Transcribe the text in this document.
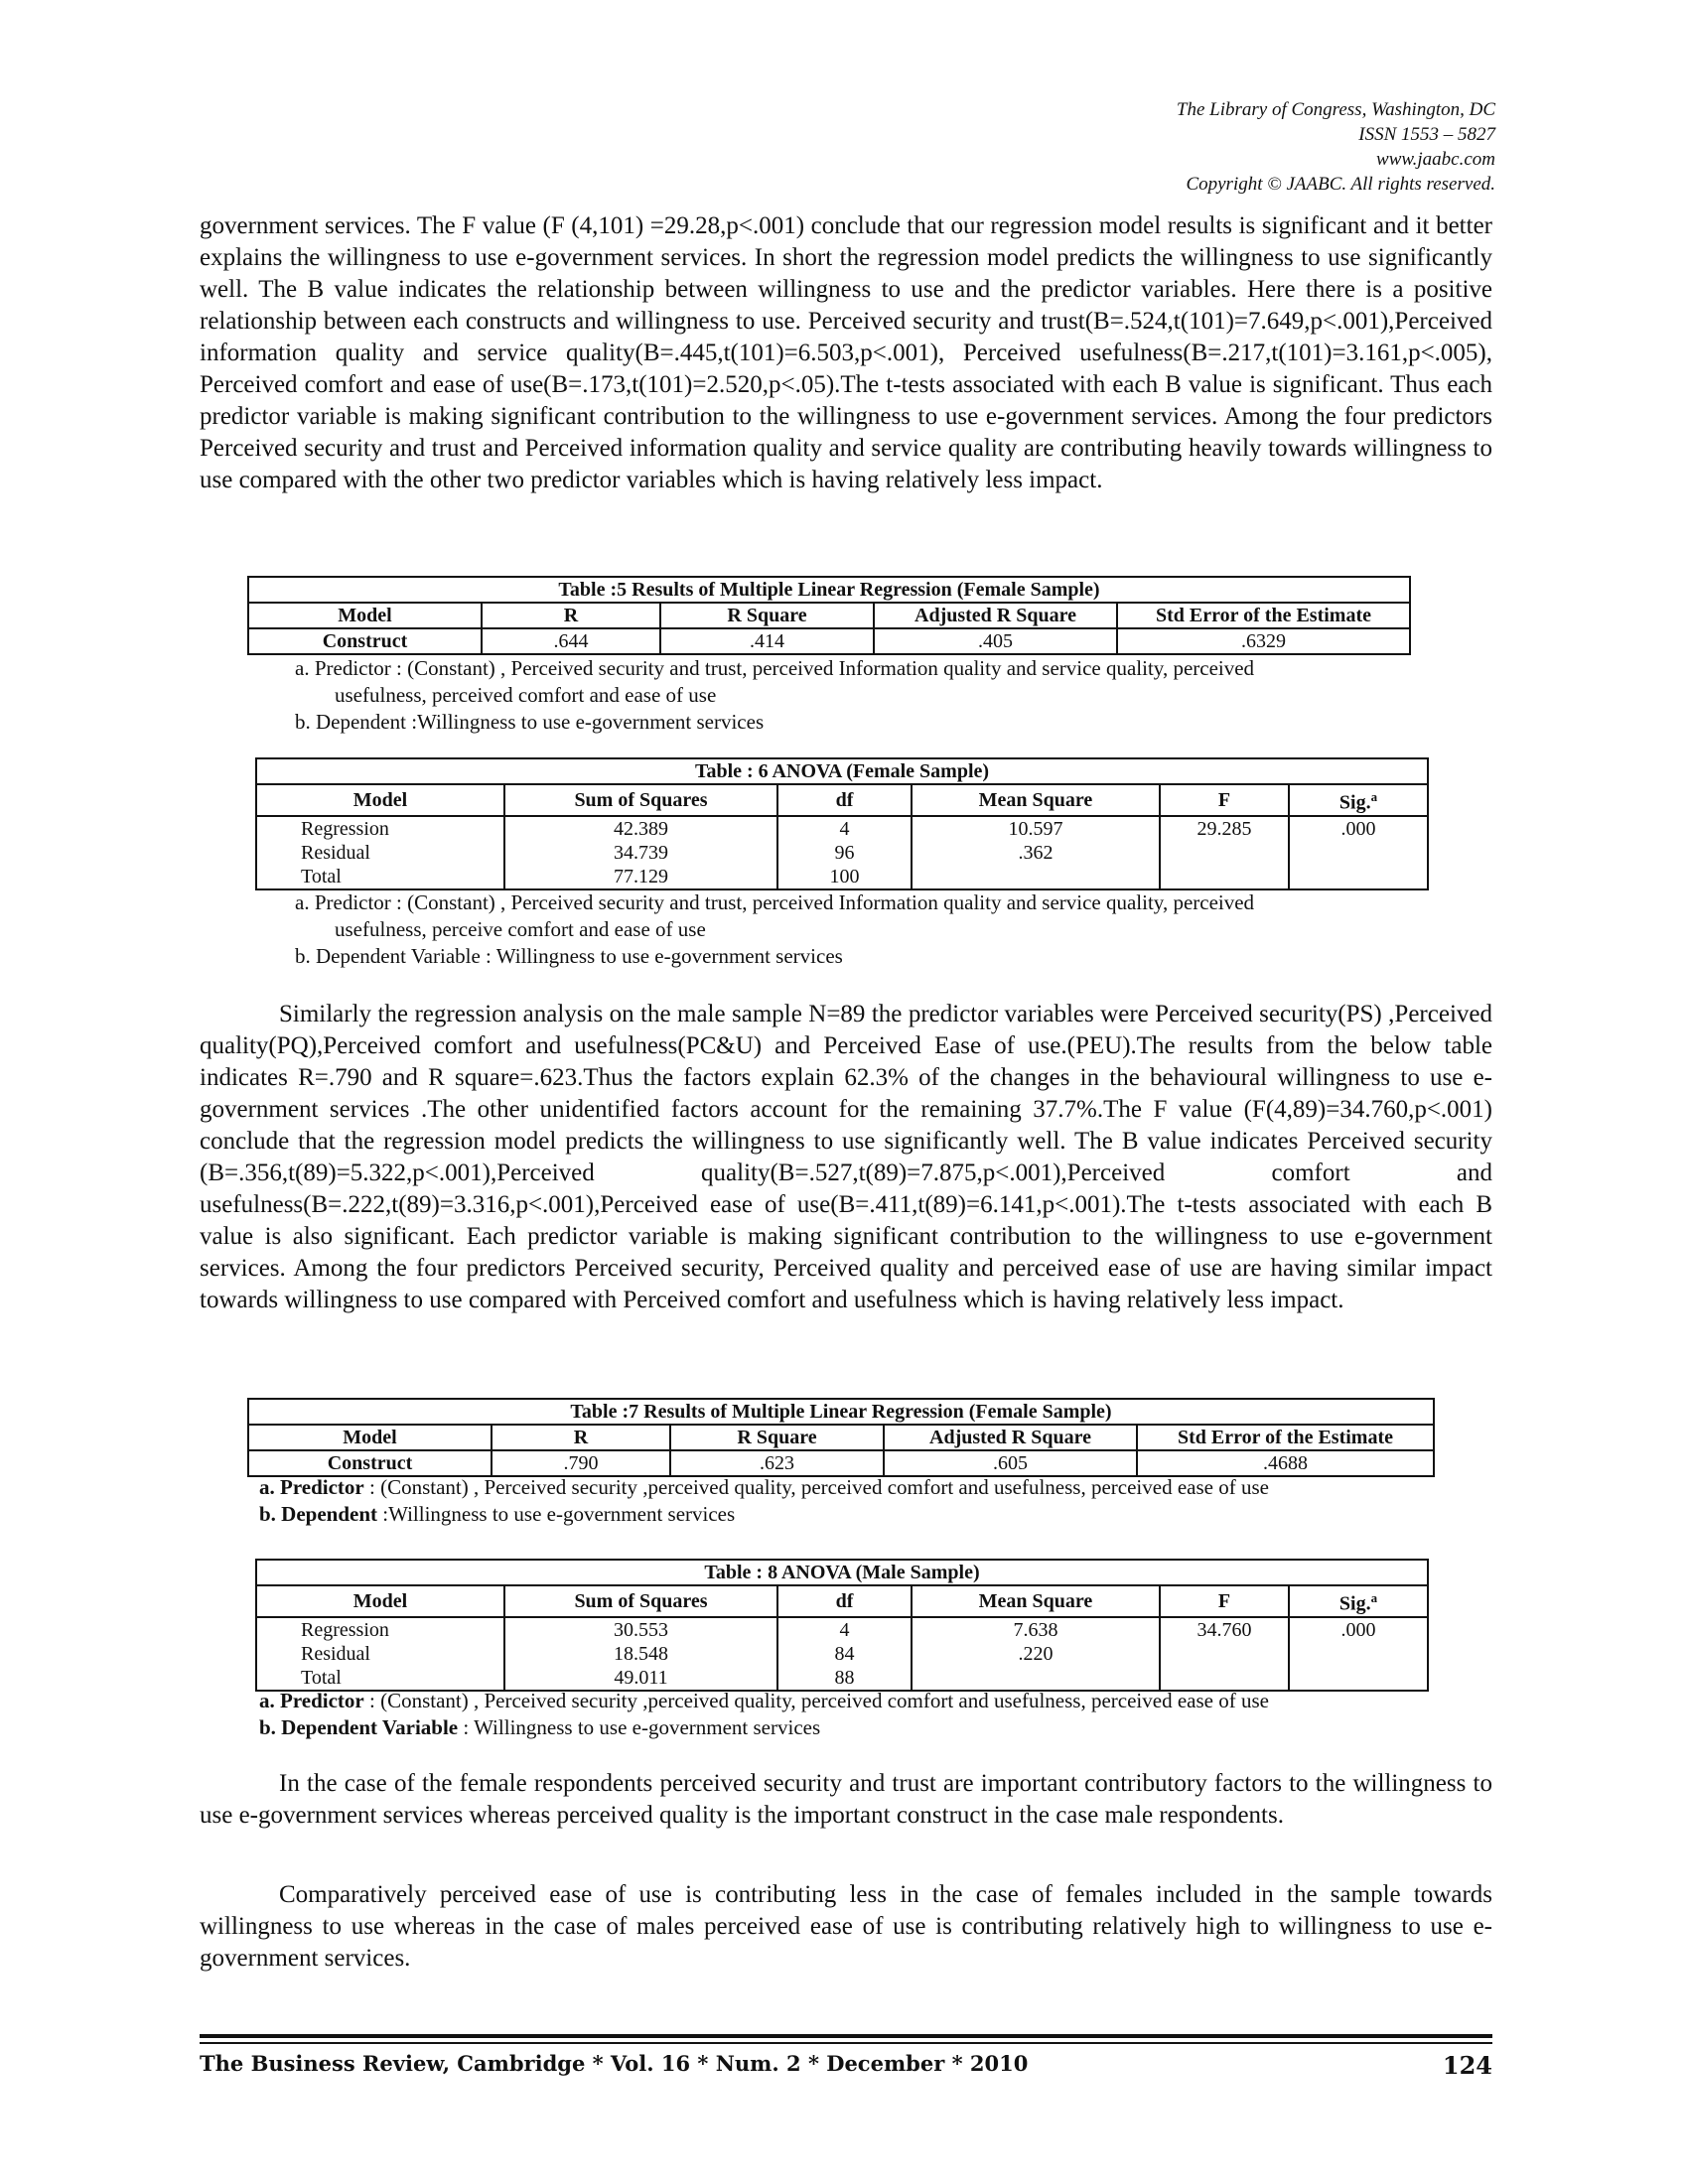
The Library of Congress, Washington, DC
ISSN 1553 – 5827
www.jaabc.com
Copyright © JAABC. All rights reserved.

government services. The F value (F (4,101) =29.28,p<.001) conclude that our regression model results is significant and it better explains the willingness to use e-government services. In short the regression model predicts the willingness to use significantly well. The B value indicates the relationship between willingness to use and the predictor variables. Here there is a positive relationship between each constructs and willingness to use. Perceived security and trust(B=.524,t(101)=7.649,p<.001),Perceived information quality and service quality(B=.445,t(101)=6.503,p<.001), Perceived usefulness(B=.217,t(101)=3.161,p<.005), Perceived comfort and ease of use(B=.173,t(101)=2.520,p<.05).The t-tests associated with each B value is significant. Thus each predictor variable is making significant contribution to the willingness to use e-government services. Among the four predictors Perceived security and trust and Perceived information quality and service quality are contributing heavily towards willingness to use compared with the other two predictor variables which is having relatively less impact.

Table :5 Results of Multiple Linear Regression (Female Sample)				
Model	R	R Square	Adjusted R Square	Std Error of the Estimate
Construct	.644	.414	.405	.6329
a. Predictor : (Constant) , Perceived security and trust, perceived Information quality and service quality, perceived
usefulness, perceived comfort and ease of use
b. Dependent :Willingness to use e-government services
Table : 6 ANOVA (Female Sample)					
Model	Sum of Squares	df	Mean Square	F	Sig.$^a$
Regression	42.389	4	10.597	29.285	.000
Residual	34.739	96	.362		
Total	77.129	100			
a. Predictor : (Constant) , Perceived security and trust, perceived Information quality and service quality, perceived
usefulness, perceive comfort and ease of use
b. Dependent Variable : Willingness to use e-government services

Similarly the regression analysis on the male sample N=89 the predictor variables were Perceived security(PS) ,Perceived quality(PQ),Perceived comfort and usefulness(PC&U) and Perceived Ease of use.(PEU).The results from the below table indicates R=.790 and R square=.623.Thus the factors explain 62.3% of the changes in the behavioural willingness to use e-government services .The other unidentified factors account for the remaining 37.7%.The F value (F(4,89)=34.760,p<.001) conclude that the regression model predicts the willingness to use significantly well. The B value indicates Perceived security (B=.356,t(89)=5.322,p<.001),Perceived quality(B=.527,t(89)=7.875,p<.001),Perceived comfort and usefulness(B=.222,t(89)=3.316,p<.001),Perceived ease of use(B=.411,t(89)=6.141,p<.001).The t-tests associated with each B value is also significant. Each predictor variable is making significant contribution to the willingness to use e-government services. Among the four predictors Perceived security, Perceived quality and perceived ease of use are having similar impact towards willingness to use compared with Perceived comfort and usefulness which is having relatively less impact.

Table :7 Results of Multiple Linear Regression (Female Sample)				
Model	R	R Square	Adjusted R Square	Std Error of the Estimate
Construct	.790	.623	.605	.4688
a. Predictor : (Constant) , Perceived security ,perceived quality, perceived comfort and usefulness, perceived ease of use
b. Dependent :Willingness to use e-government services
Table : 8 ANOVA (Male Sample)					
Model	Sum of Squares	df	Mean Square	F	Sig.$^a$
Regression	30.553	4	7.638	34.760	.000
Residual	18.548	84	.220		
Total	49.011	88			
a. Predictor : (Constant) , Perceived security ,perceived quality, perceived comfort and usefulness, perceived ease of use
b. Dependent Variable : Willingness to use e-government services

In the case of the female respondents perceived security and trust are important contributory factors to the willingness to use e-government services whereas perceived quality is the important construct in the case male respondents.

Comparatively perceived ease of use is contributing less in the case of females included in the sample towards willingness to use whereas in the case of males perceived ease of use is contributing relatively high to willingness to use e-government services.

The Business Review, Cambridge * Vol. 16 * Num. 2 * December * 2010	124
